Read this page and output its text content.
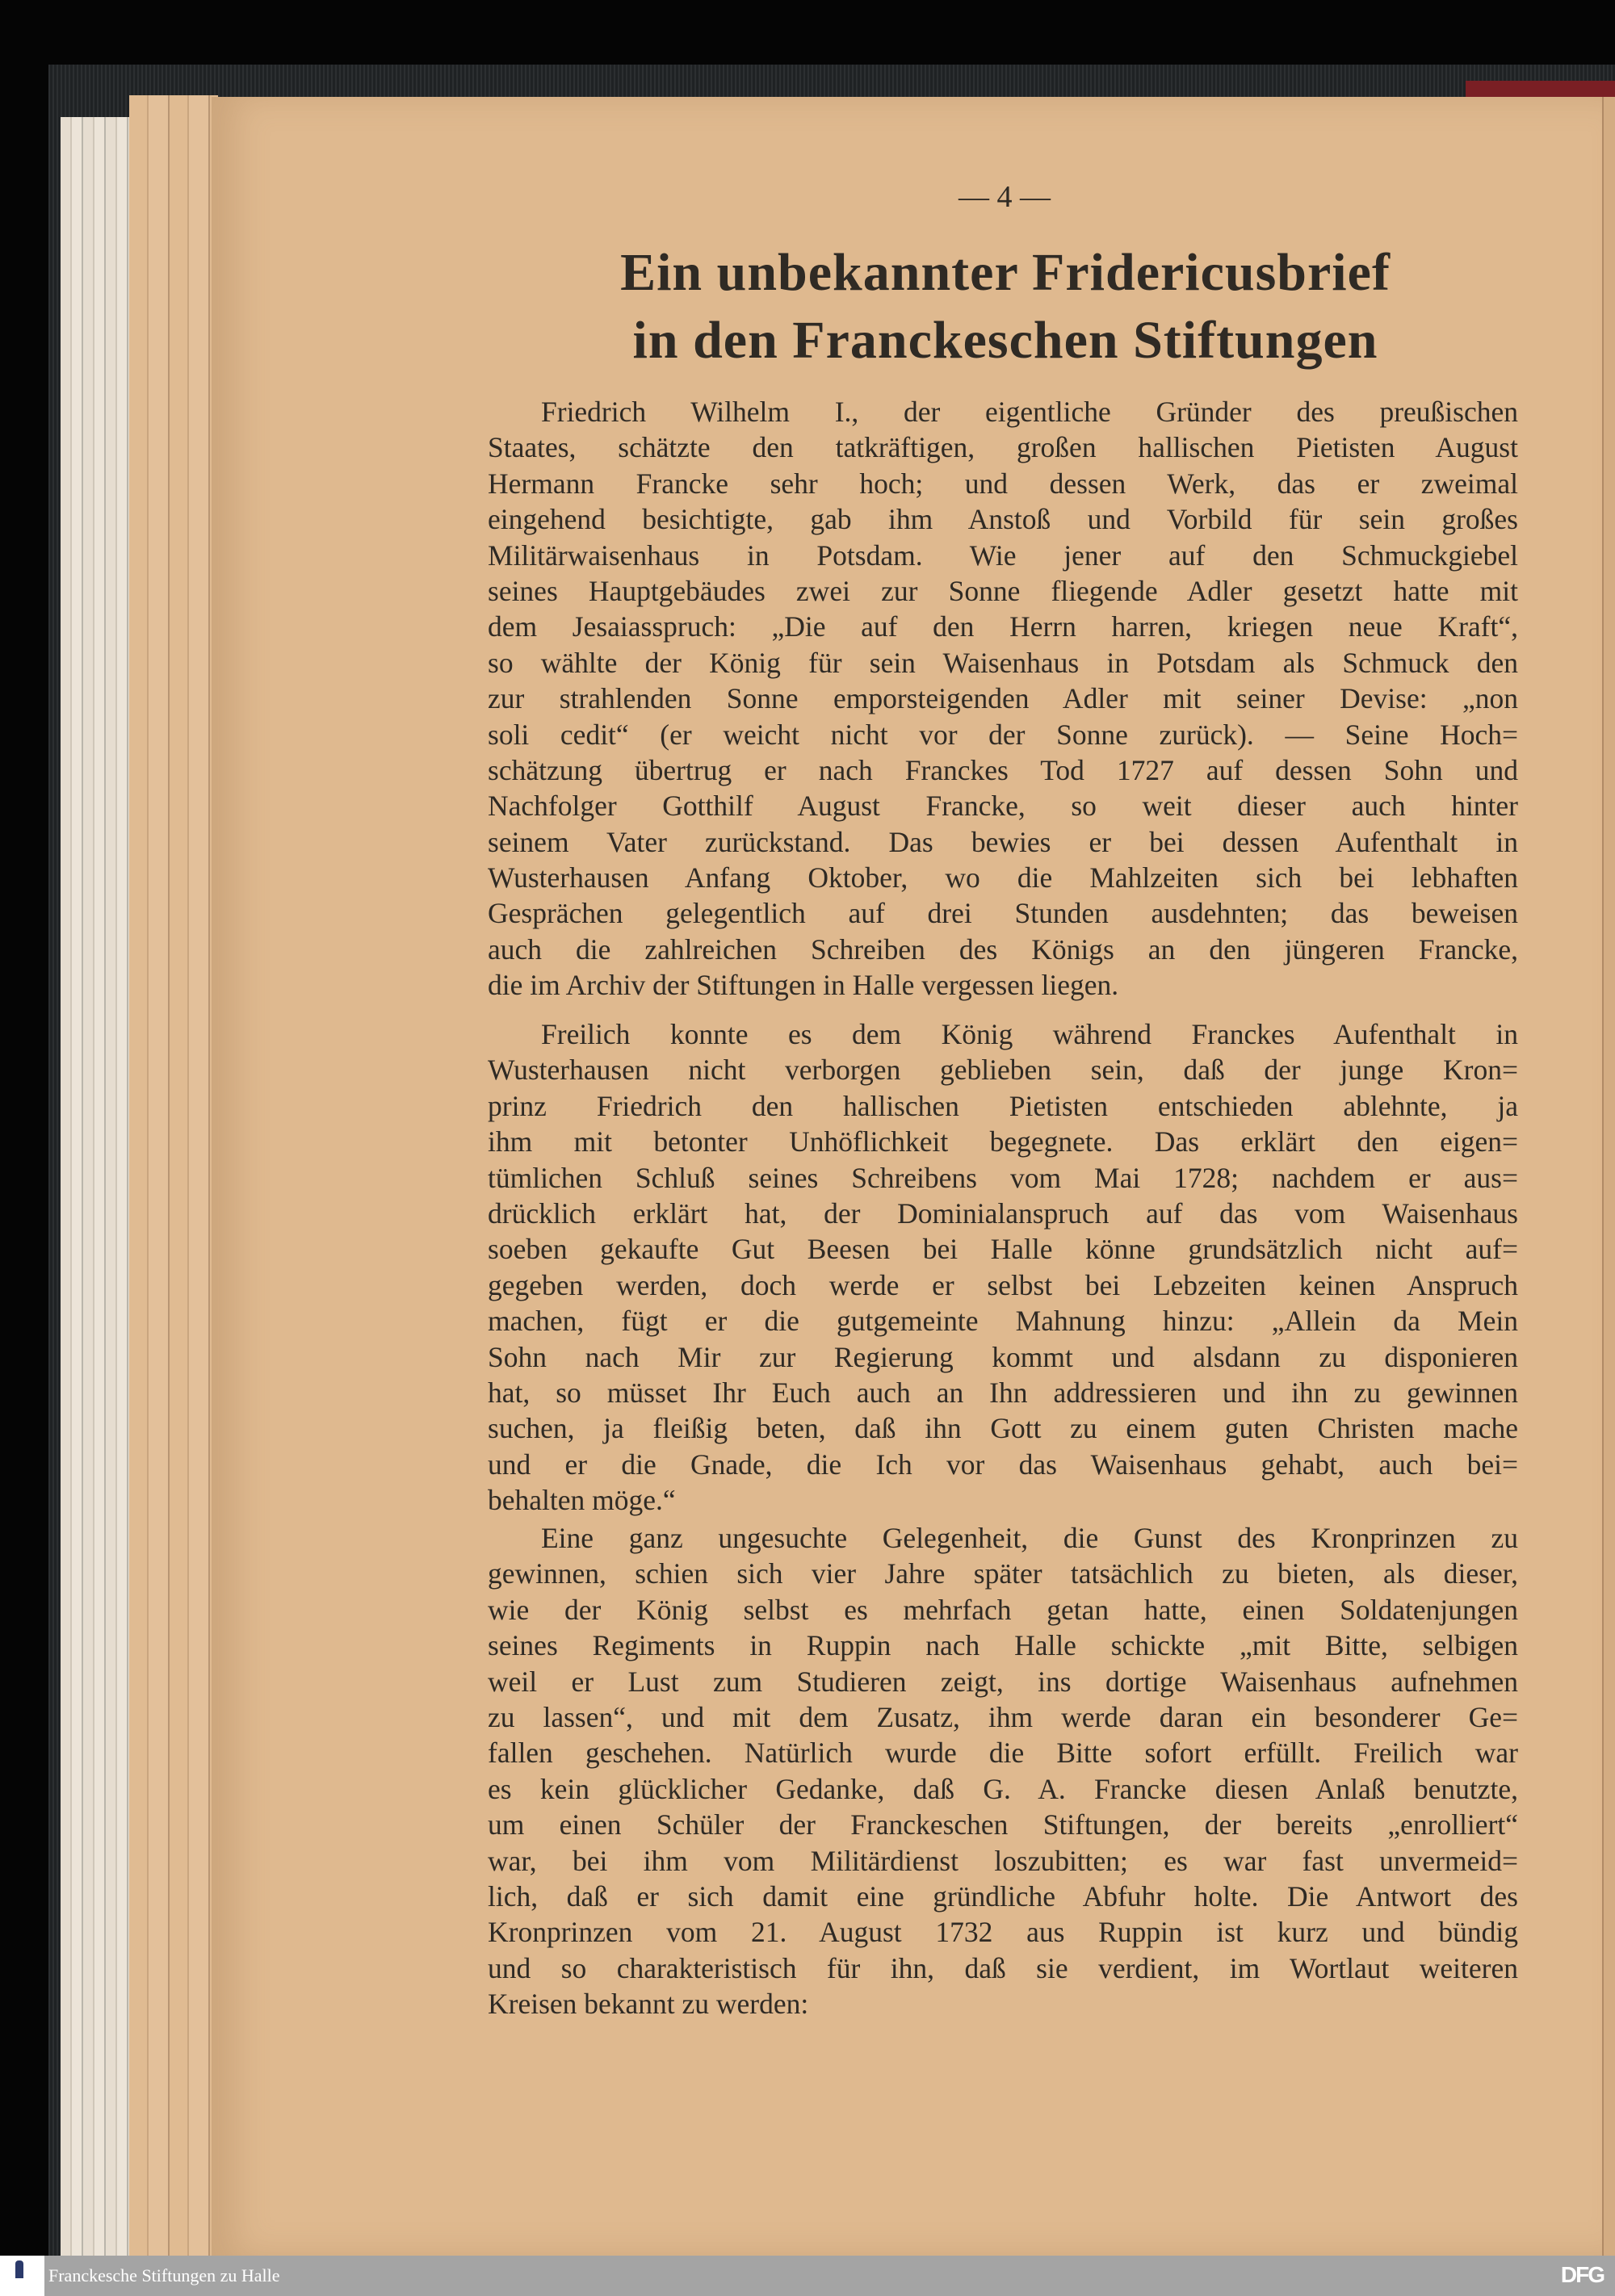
— 4 —
Ein unbekannter Fridericusbrief
in den Franckeschen Stiftungen
Friedrich Wilhelm I., der eigentliche Gründer des preußischen
Staates, schätzte den tatkräftigen, großen hallischen Pietisten August
Hermann Francke sehr hoch; und dessen Werk, das er zweimal
eingehend besichtigte, gab ihm Anstoß und Vorbild für sein großes
Militärwaisenhaus in Potsdam. Wie jener auf den Schmuckgiebel
seines Hauptgebäudes zwei zur Sonne fliegende Adler gesetzt hatte mit
dem Jesaiasspruch: „Die auf den Herrn harren, kriegen neue Kraft“,
so wählte der König für sein Waisenhaus in Potsdam als Schmuck den
zur strahlenden Sonne emporsteigenden Adler mit seiner Devise: „non
soli cedit“ (er weicht nicht vor der Sonne zurück). — Seine Hoch=
schätzung übertrug er nach Franckes Tod 1727 auf dessen Sohn und
Nachfolger Gotthilf August Francke, so weit dieser auch hinter
seinem Vater zurückstand. Das bewies er bei dessen Aufenthalt in
Wusterhausen Anfang Oktober, wo die Mahlzeiten sich bei lebhaften
Gesprächen gelegentlich auf drei Stunden ausdehnten; das beweisen
auch die zahlreichen Schreiben des Königs an den jüngeren Francke,
die im Archiv der Stiftungen in Halle vergessen liegen.
Freilich konnte es dem König während Franckes Aufenthalt in
Wusterhausen nicht verborgen geblieben sein, daß der junge Kron=
prinz Friedrich den hallischen Pietisten entschieden ablehnte, ja
ihm mit betonter Unhöflichkeit begegnete. Das erklärt den eigen=
tümlichen Schluß seines Schreibens vom Mai 1728; nachdem er aus=
drücklich erklärt hat, der Dominialanspruch auf das vom Waisenhaus
soeben gekaufte Gut Beesen bei Halle könne grundsätzlich nicht auf=
gegeben werden, doch werde er selbst bei Lebzeiten keinen Anspruch
machen, fügt er die gutgemeinte Mahnung hinzu: „Allein da Mein
Sohn nach Mir zur Regierung kommt und alsdann zu disponieren
hat, so müsset Ihr Euch auch an Ihn addressieren und ihn zu gewinnen
suchen, ja fleißig beten, daß ihn Gott zu einem guten Christen mache
und er die Gnade, die Ich vor das Waisenhaus gehabt, auch bei=
behalten möge.“
Eine ganz ungesuchte Gelegenheit, die Gunst des Kronprinzen zu
gewinnen, schien sich vier Jahre später tatsächlich zu bieten, als dieser,
wie der König selbst es mehrfach getan hatte, einen Soldatenjungen
seines Regiments in Ruppin nach Halle schickte „mit Bitte, selbigen
weil er Lust zum Studieren zeigt, ins dortige Waisenhaus aufnehmen
zu lassen“, und mit dem Zusatz, ihm werde daran ein besonderer Ge=
fallen geschehen. Natürlich wurde die Bitte sofort erfüllt. Freilich war
es kein glücklicher Gedanke, daß G. A. Francke diesen Anlaß benutzte,
um einen Schüler der Franckeschen Stiftungen, der bereits „enrolliert“
war, bei ihm vom Militärdienst loszubitten; es war fast unvermeid=
lich, daß er sich damit eine gründliche Abfuhr holte. Die Antwort des
Kronprinzen vom 21. August 1732 aus Ruppin ist kurz und bündig
und so charakteristisch für ihn, daß sie verdient, im Wortlaut weiteren
Kreisen bekannt zu werden:
Franckesche Stiftungen zu Halle	DFG
